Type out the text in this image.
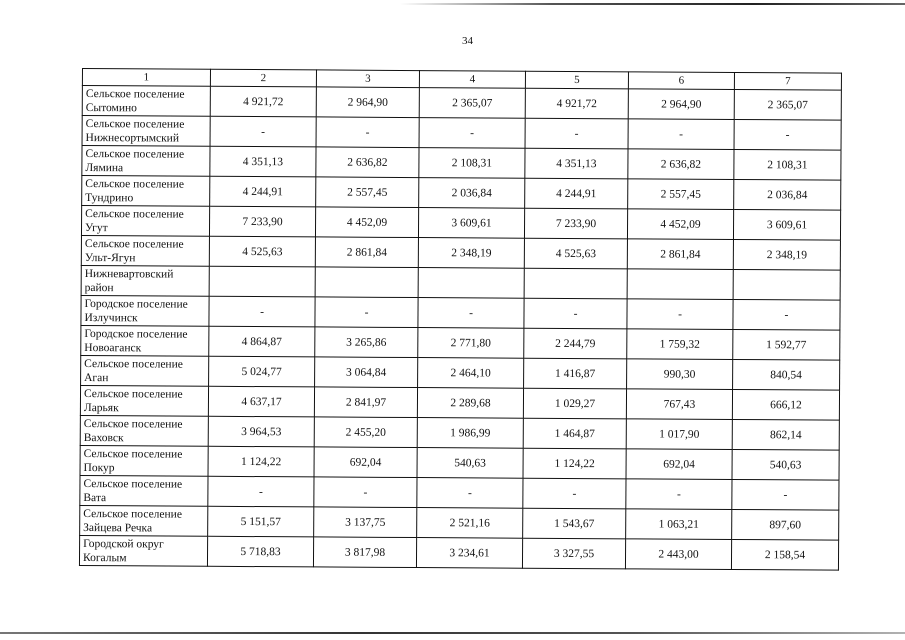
34
1	2	3	4	5	6	7

Сельское поселение
Сытомино	4 921,72	2 964,90	2 365,07	4 921,72	2 964,90	2 365,07

Сельское поселение
Нижнесортымский	-	-	-	-	-	-

Сельское поселение
Лямина	4 351,13	2 636,82	2 108,31	4 351,13	2 636,82	2 108,31

Сельское поселение
Тундрино	4 244,91	2 557,45	2 036,84	4 244,91	2 557,45	2 036,84

Сельское поселение
Угут	7 233,90	4 452,09	3 609,61	7 233,90	4 452,09	3 609,61

Сельское поселение
Ульт-Ягун	4 525,63	2 861,84	2 348,19	4 525,63	2 861,84	2 348,19

Нижневартовский
район						

Городское поселение
Излучинск	-	-	-	-	-	-

Городское поселение
Новоаганск	4 864,87	3 265,86	2 771,80	2 244,79	1 759,32	1 592,77

Сельское поселение
Аган	5 024,77	3 064,84	2 464,10	1 416,87	990,30	840,54

Сельское поселение
Ларьяк	4 637,17	2 841,97	2 289,68	1 029,27	767,43	666,12

Сельское поселение
Ваховск	3 964,53	2 455,20	1 986,99	1 464,87	1 017,90	862,14

Сельское поселение
Покур	1 124,22	692,04	540,63	1 124,22	692,04	540,63

Сельское поселение
Вата	-	-	-	-	-	-

Сельское поселение
Зайцева Речка	5 151,57	3 137,75	2 521,16	1 543,67	1 063,21	897,60

Городской округ
Когалым	5 718,83	3 817,98	3 234,61	3 327,55	2 443,00	2 158,54
